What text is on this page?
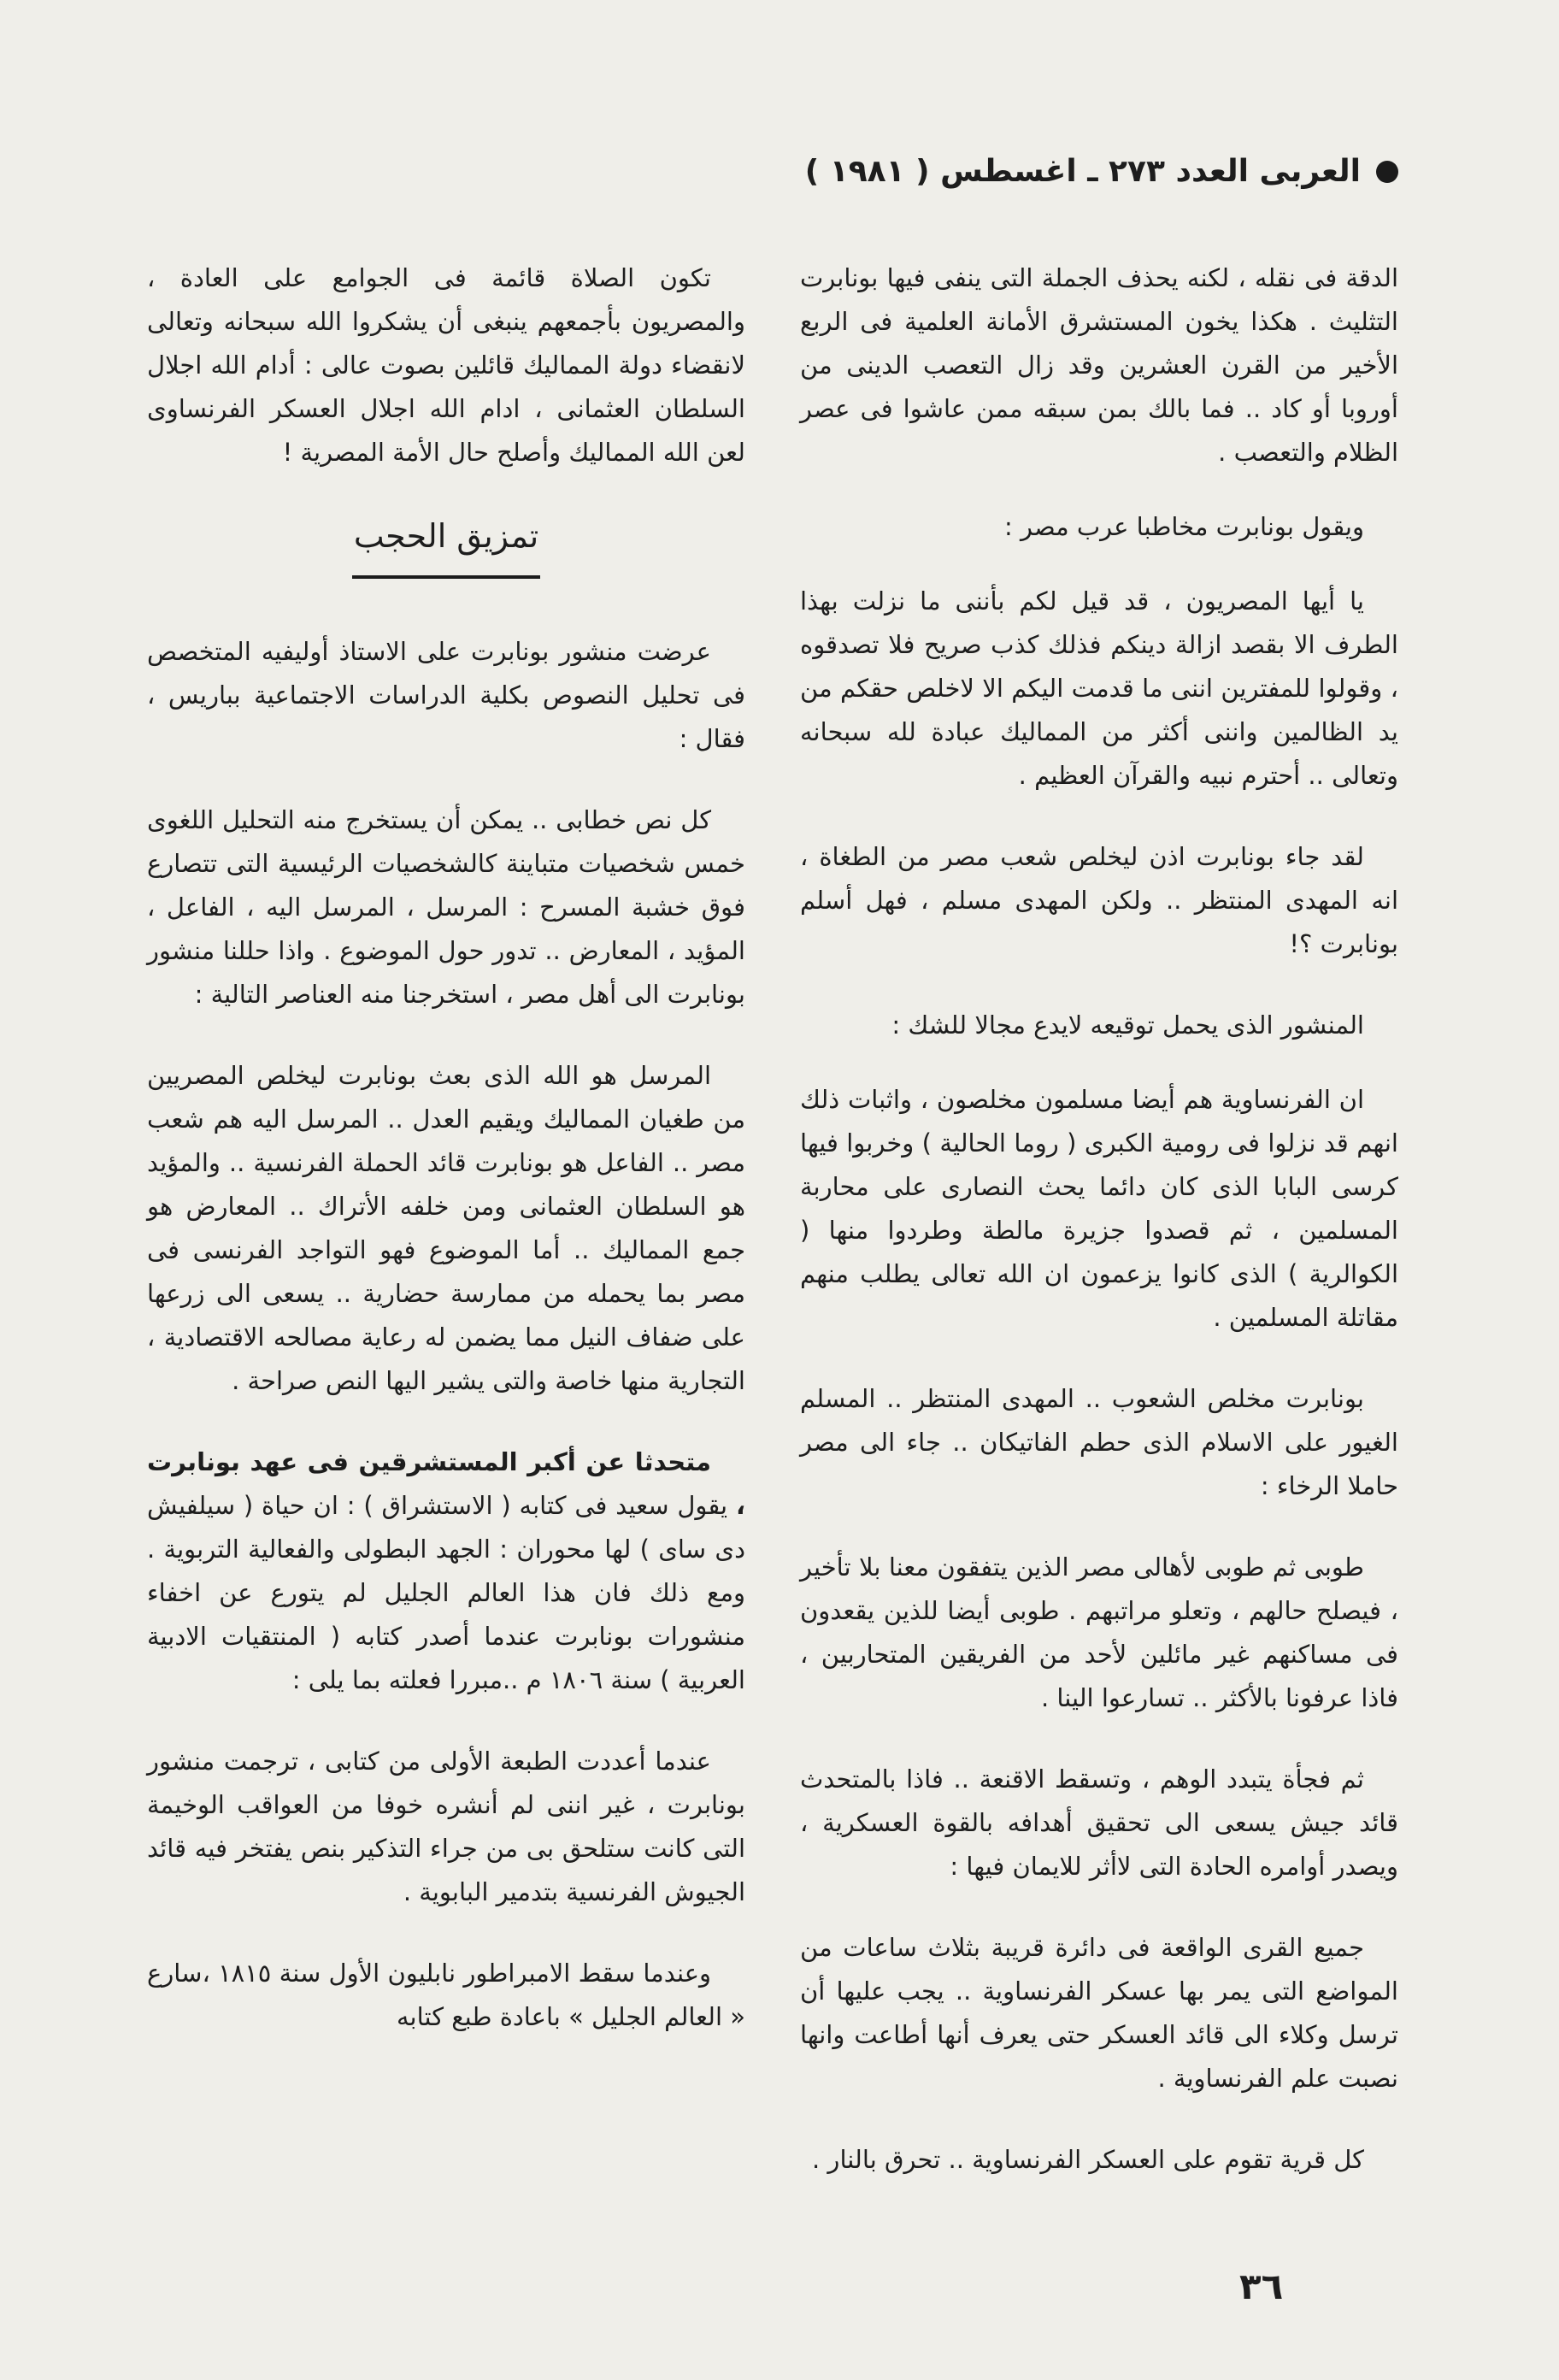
العربى العدد ٢٧٣ ـ اغسطس ( ١٩٨١ )

الدقة فى نقله ، لكنه يحذف الجملة التى ينفى فيها بونابرت التثليث . هكذا يخون المستشرق الأمانة العلمية فى الربع الأخير من القرن العشرين وقد زال التعصب الدينى من أوروبا أو كاد .. فما بالك بمن سبقه ممن عاشوا فى عصر الظلام والتعصب .

ويقول بونابرت مخاطبا عرب مصر :

يا أيها المصريون ، قد قيل لكم بأننى ما نزلت بهذا الطرف الا بقصد ازالة دينكم فذلك كذب صريح فلا تصدقوه ، وقولوا للمفترين اننى ما قدمت اليكم الا لاخلص حقكم من يد الظالمين واننى أكثر من المماليك عبادة لله سبحانه وتعالى .. أحترم نبيه والقرآن العظيم .

لقد جاء بونابرت اذن ليخلص شعب مصر من الطغاة ، انه المهدى المنتظر .. ولكن المهدى مسلم ، فهل أسلم بونابرت ؟!

المنشور الذى يحمل توقيعه لايدع مجالا للشك :

ان الفرنساوية هم أيضا مسلمون مخلصون ، واثبات ذلك انهم قد نزلوا فى رومية الكبرى ( روما الحالية ) وخربوا فيها كرسى البابا الذى كان دائما يحث النصارى على محاربة المسلمين ، ثم قصدوا جزيرة مالطة وطردوا منها ( الكوالرية ) الذى كانوا يزعمون ان الله تعالى يطلب منهم مقاتلة المسلمين .

بونابرت مخلص الشعوب .. المهدى المنتظر .. المسلم الغيور على الاسلام الذى حطم الفاتيكان .. جاء الى مصر حاملا الرخاء :

طوبى ثم طوبى لأهالى مصر الذين يتفقون معنا بلا تأخير ، فيصلح حالهم ، وتعلو مراتبهم . طوبى أيضا للذين يقعدون فى مساكنهم غير مائلين لأحد من الفريقين المتحاربين ، فاذا عرفونا بالأكثر .. تسارعوا الينا .

ثم فجأة يتبدد الوهم ، وتسقط الاقنعة .. فاذا بالمتحدث قائد جيش يسعى الى تحقيق أهدافه بالقوة العسكرية ، ويصدر أوامره الحادة التى لاأثر للايمان فيها :

جميع القرى الواقعة فى دائرة قريبة بثلاث ساعات من المواضع التى يمر بها عسكر الفرنساوية .. يجب عليها أن ترسل وكلاء الى قائد العسكر حتى يعرف أنها أطاعت وانها نصبت علم الفرنساوية .

كل قرية تقوم على العسكر الفرنساوية .. تحرق بالنار .

تكون الصلاة قائمة فى الجوامع على العادة ، والمصريون بأجمعهم ينبغى أن يشكروا الله سبحانه وتعالى لانقضاء دولة المماليك قائلين بصوت عالى : أدام الله اجلال السلطان العثمانى ، ادام الله اجلال العسكر الفرنساوى لعن الله المماليك وأصلح حال الأمة المصرية !

تمزيق الحجب

عرضت منشور بونابرت على الاستاذ أوليفيه المتخصص فى تحليل النصوص بكلية الدراسات الاجتماعية بباريس ، فقال :

كل نص خطابى .. يمكن أن يستخرج منه التحليل اللغوى خمس شخصيات متباينة كالشخصيات الرئيسية التى تتصارع فوق خشبة المسرح : المرسل ، المرسل اليه ، الفاعل ، المؤيد ، المعارض .. تدور حول الموضوع . واذا حللنا منشور بونابرت الى أهل مصر ، استخرجنا منه العناصر التالية :

المرسل هو الله الذى بعث بونابرت ليخلص المصريين من طغيان المماليك ويقيم العدل .. المرسل اليه هم شعب مصر .. الفاعل هو بونابرت قائد الحملة الفرنسية .. والمؤيد هو السلطان العثمانى ومن خلفه الأتراك .. المعارض هو جمع المماليك .. أما الموضوع فهو التواجد الفرنسى فى مصر بما يحمله من ممارسة حضارية .. يسعى الى زرعها على ضفاف النيل مما يضمن له رعاية مصالحه الاقتصادية ، التجارية منها خاصة والتى يشير اليها النص صراحة .

متحدثا عن أكبر المستشرقين فى عهد بونابرت ، يقول سعيد فى كتابه ( الاستشراق ) : ان حياة ( سيلفيش دى ساى ) لها محوران : الجهد البطولى والفعالية التربوية . ومع ذلك فان هذا العالم الجليل لم يتورع عن اخفاء منشورات بونابرت عندما أصدر كتابه ( المنتقيات الادبية العربية ) سنة ١٨٠٦ م ..مبررا فعلته بما يلى :

عندما أعددت الطبعة الأولى من كتابى ، ترجمت منشور بونابرت ، غير اننى لم أنشره خوفا من العواقب الوخيمة التى كانت ستلحق بى من جراء التذكير بنص يفتخر فيه قائد الجيوش الفرنسية بتدمير البابوية .

وعندما سقط الامبراطور نابليون الأول سنة ١٨١٥ ،سارع « العالم الجليل » باعادة طبع كتابه

٣٦
